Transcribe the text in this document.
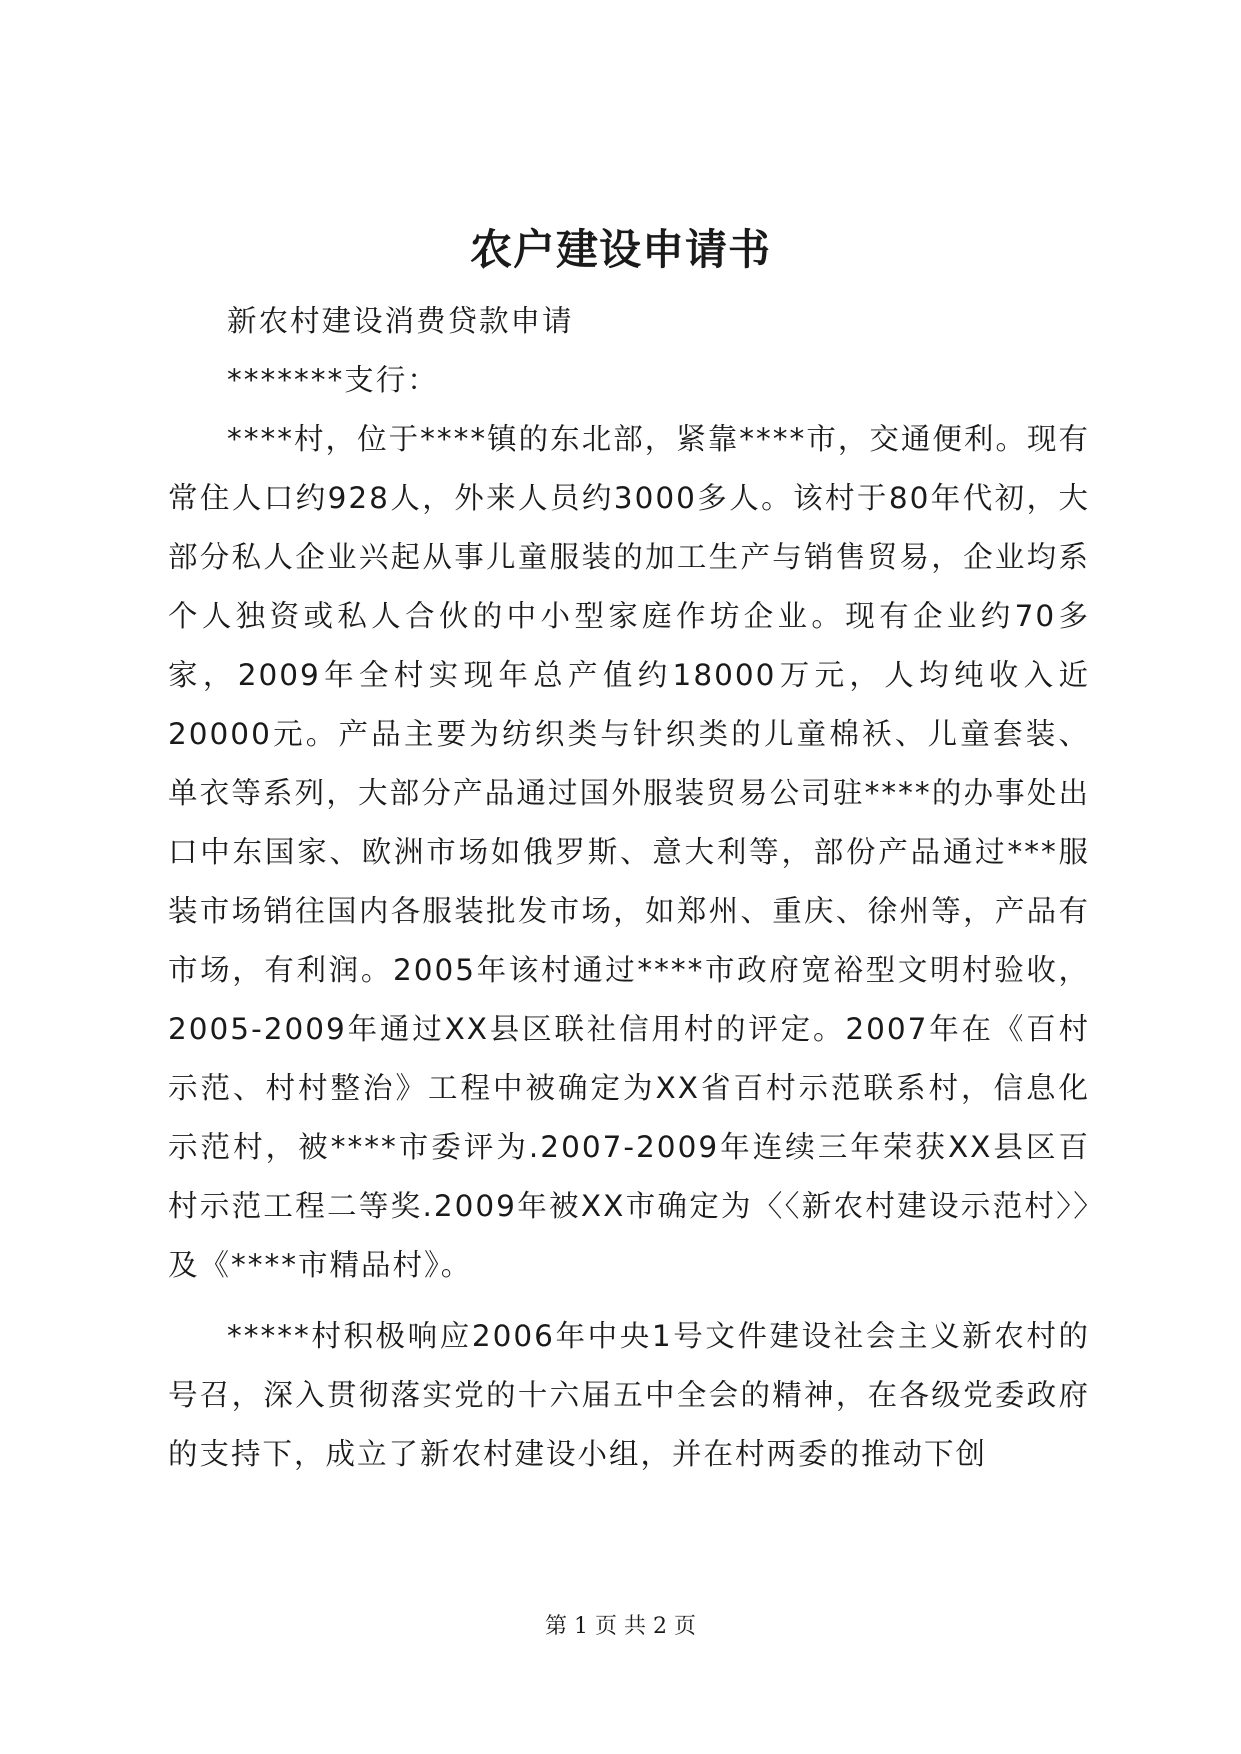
农户建设申请书

新农村建设消费贷款申请

*******支行：

****村，位于****镇的东北部，紧靠****市，交通便利。现有常住人口约928人，外来人员约3000多人。该村于80年代初，大部分私人企业兴起从事儿童服装的加工生产与销售贸易，企业均系个人独资或私人合伙的中小型家庭作坊企业。现有企业约70多家，2009年全村实现年总产值约18000万元，人均纯收入近20000元。产品主要为纺织类与针织类的儿童棉袄、儿童套装、单衣等系列，大部分产品通过国外服装贸易公司驻****的办事处出口中东国家、欧洲市场如俄罗斯、意大利等，部份产品通过***服装市场销往国内各服装批发市场，如郑州、重庆、徐州等，产品有市场，有利润。2005年该村通过****市政府宽裕型文明村验收，2005-2009年通过XX县区联社信用村的评定。2007年在《百村示范、村村整治》工程中被确定为XX省百村示范联系村，信息化示范村，被****市委评为.2007-2009年连续三年荣获XX县区百村示范工程二等奖.2009年被XX市确定为〈〈新农村建设示范村〉〉及《****市精品村》。

*****村积极响应2006年中央1号文件建设社会主义新农村的号召，深入贯彻落实党的十六届五中全会的精神，在各级党委政府的支持下，成立了新农村建设小组，并在村两委的推动下创

第 1 页 共 2 页
